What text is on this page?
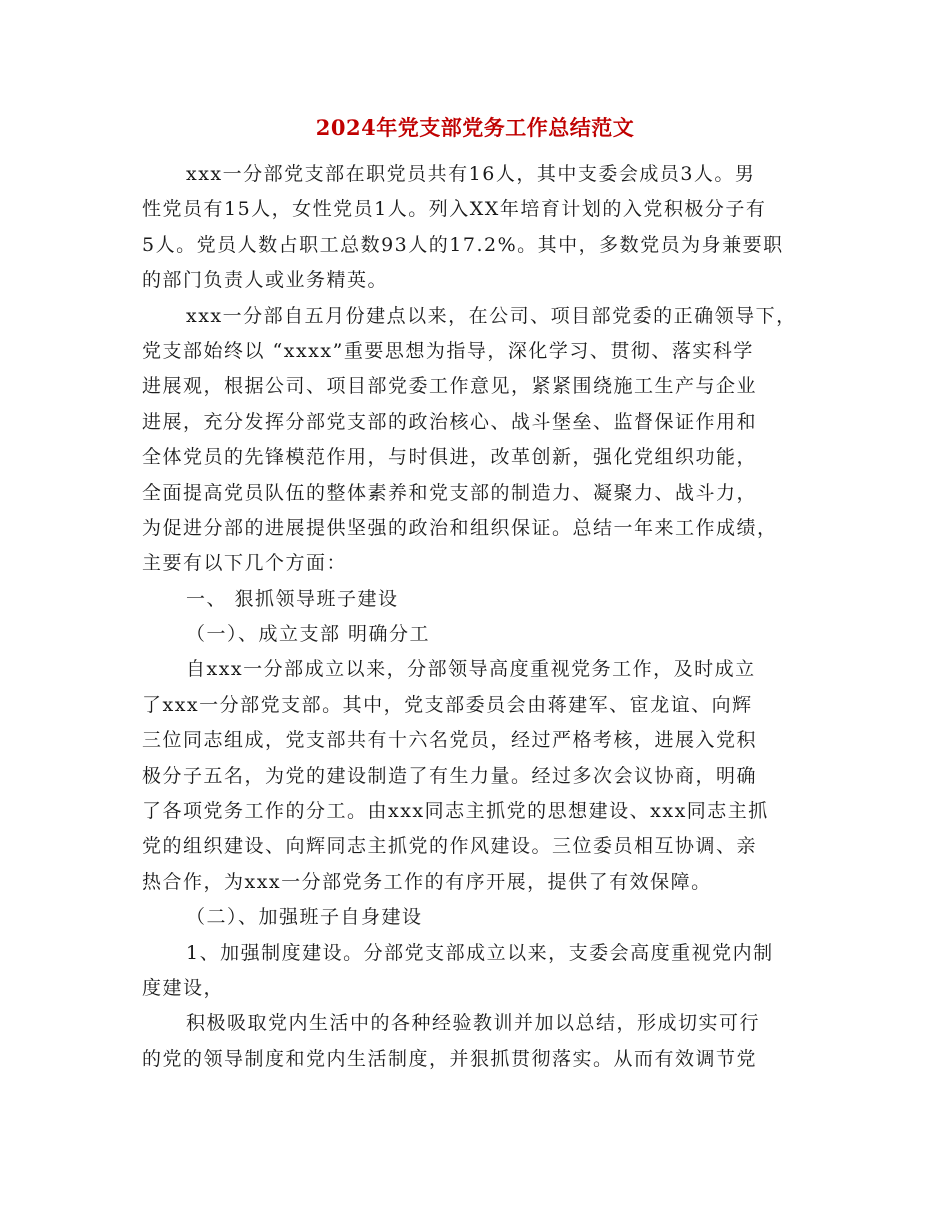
2024年党支部党务工作总结范文
xxx一分部党支部在职党员共有16人，其中支委会成员3人。男
性党员有15人，女性党员1人。列入XX年培育计划的入党积极分子有
5人。党员人数占职工总数93人的17.2%。其中，多数党员为身兼要职
的部门负责人或业务精英。
xxx一分部自五月份建点以来，在公司、项目部党委的正确领导下，
党支部始终以 “xxxx”重要思想为指导，深化学习、贯彻、落实科学
进展观，根据公司、项目部党委工作意见，紧紧围绕施工生产与企业
进展，充分发挥分部党支部的政治核心、战斗堡垒、监督保证作用和
全体党员的先锋模范作用，与时俱进，改革创新，强化党组织功能，
全面提高党员队伍的整体素养和党支部的制造力、凝聚力、战斗力，
为促进分部的进展提供坚强的政治和组织保证。总结一年来工作成绩，
主要有以下几个方面：
一、 狠抓领导班子建设
（一）、成立支部 明确分工
自xxx一分部成立以来，分部领导高度重视党务工作，及时成立
了xxx一分部党支部。其中，党支部委员会由蒋建军、宦龙谊、向辉
三位同志组成，党支部共有十六名党员，经过严格考核，进展入党积
极分子五名，为党的建设制造了有生力量。经过多次会议协商，明确
了各项党务工作的分工。由xxx同志主抓党的思想建设、xxx同志主抓
党的组织建设、向辉同志主抓党的作风建设。三位委员相互协调、亲
热合作，为xxx一分部党务工作的有序开展，提供了有效保障。
（二）、加强班子自身建设
1、加强制度建设。分部党支部成立以来，支委会高度重视党内制
度建设，
积极吸取党内生活中的各种经验教训并加以总结，形成切实可行
的党的领导制度和党内生活制度，并狠抓贯彻落实。从而有效调节党
